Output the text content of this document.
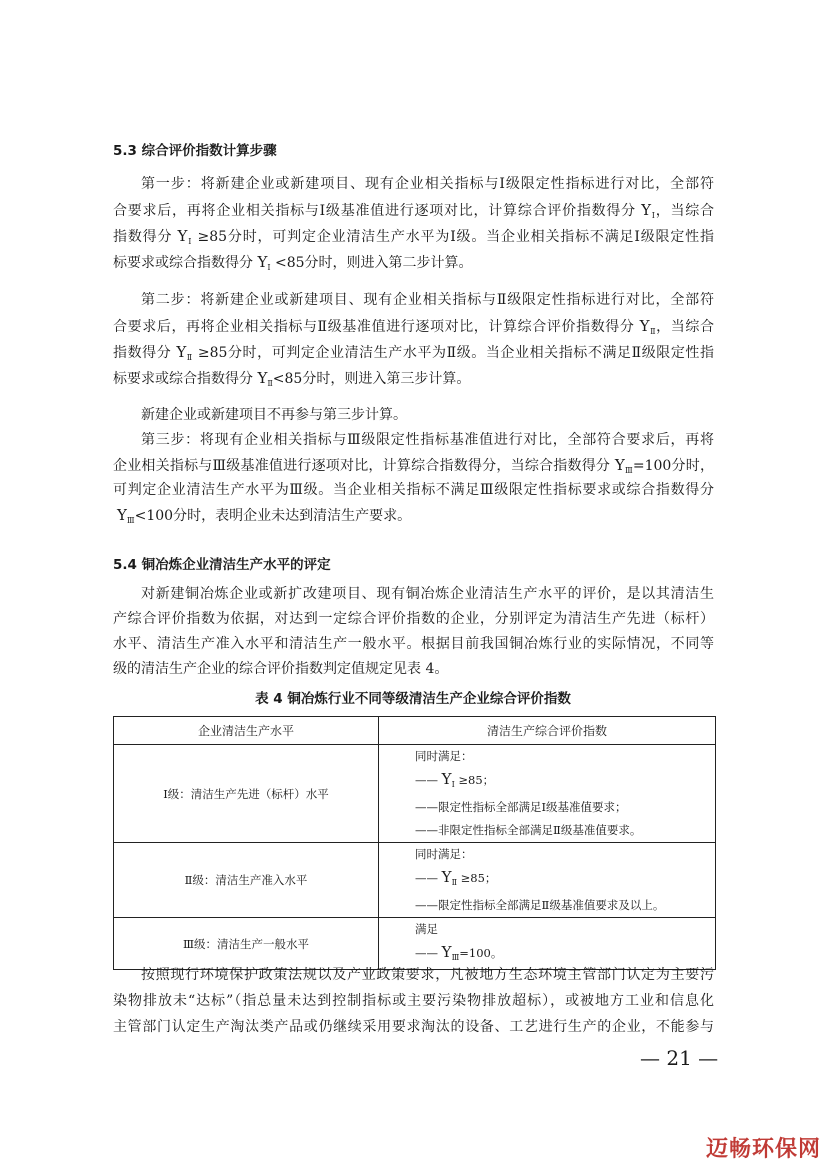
5.3 综合评价指数计算步骤
第一步：将新建企业或新建项目、现有企业相关指标与Ⅰ级限定性指标进行对比，全部符
合要求后，再将企业相关指标与Ⅰ级基准值进行逐项对比，计算综合评价指数得分 $Y_Ⅰ$，当综合
指数得分 $Y_Ⅰ \ge 85$分时，可判定企业清洁生产水平为Ⅰ级。当企业相关指标不满足Ⅰ级限定性指
标要求或综合指数得分 $Y_Ⅰ <85$分时，则进入第二步计算。
第二步：将新建企业或新建项目、现有企业相关指标与Ⅱ级限定性指标进行对比，全部符
合要求后，再将企业相关指标与Ⅱ级基准值进行逐项对比，计算综合评价指数得分 $Y_Ⅱ$，当综合
指数得分 $Y_Ⅱ \ge 85$分时，可判定企业清洁生产水平为Ⅱ级。当企业相关指标不满足Ⅱ级限定性指
标要求或综合指数得分 $Y_Ⅱ<85$分时，则进入第三步计算。
新建企业或新建项目不再参与第三步计算。
第三步：将现有企业相关指标与Ⅲ级限定性指标基准值进行对比，全部符合要求后，再将
企业相关指标与Ⅲ级基准值进行逐项对比，计算综合指数得分，当综合指数得分 $Y_Ⅲ=100$分时，
可判定企业清洁生产水平为Ⅲ级。当企业相关指标不满足Ⅲ级限定性指标要求或综合指数得分
$Y_Ⅲ<100$分时，表明企业未达到清洁生产要求。
5.4 铜冶炼企业清洁生产水平的评定
对新建铜冶炼企业或新扩改建项目、现有铜冶炼企业清洁生产水平的评价，是以其清洁生
产综合评价指数为依据，对达到一定综合评价指数的企业，分别评定为清洁生产先进（标杆）
水平、清洁生产准入水平和清洁生产一般水平。根据目前我国铜冶炼行业的实际情况，不同等
级的清洁生产企业的综合评价指数判定值规定见表 4。
表 4 铜冶炼行业不同等级清洁生产企业综合评价指数
企业清洁生产水平	清洁生产综合评价指数
Ⅰ级：清洁生产先进（标杆）水平	同时满足：
—— $Y_Ⅰ \ge 85$；
——限定性指标全部满足Ⅰ级基准值要求；
——非限定性指标全部满足Ⅱ级基准值要求。

Ⅱ级：清洁生产准入水平	同时满足：
—— $Y_Ⅱ \ge 85$；
——限定性指标全部满足Ⅱ级基准值要求及以上。

Ⅲ级：清洁生产一般水平	满足
—— $Y_Ⅲ=100$。
按照现行环境保护政策法规以及产业政策要求，凡被地方生态环境主管部门认定为主要污
染物排放未“达标”（指总量未达到控制指标或主要污染物排放超标），或被地方工业和信息化
主管部门认定生产淘汰类产品或仍继续采用要求淘汰的设备、工艺进行生产的企业，不能参与
— 21 —
迈畅环保网
